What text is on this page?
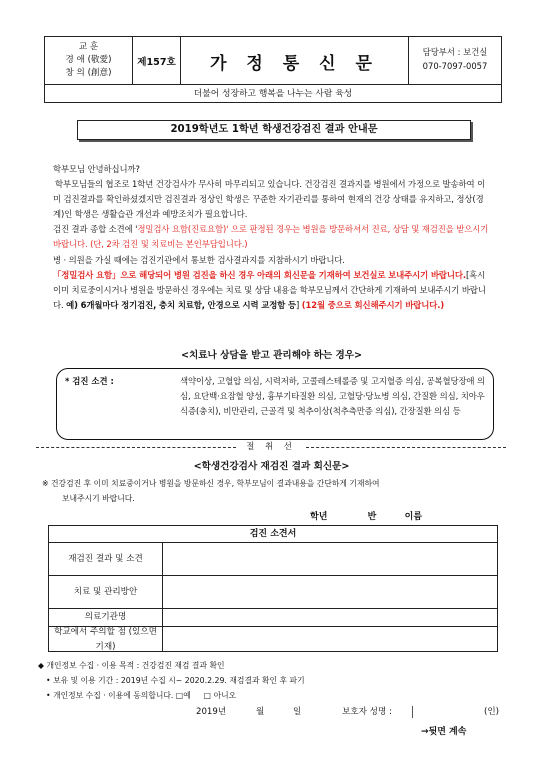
교 훈
경 애 (敬愛)
창 의 (創意)
제157호	가 정 통 신 문
담당부서 : 보건실
070-7097-0057
더불어 성장하고 행복을 나누는 사람 육성
2019학년도 1학년 학생건강검진 결과 안내문

학부모님 안녕하십니까?

학부모님들의 협조로 1학년 건강검사가 무사히 마무리되고 있습니다. 건강검진 결과지를 병원에서 가정으로 발송하여 이미 검진결과를 확인하셨겠지만 검진결과 정상인 학생은 꾸준한 자기관리를 통하여 현재의 건강 상태를 유지하고, 정상(경계)인 학생은 생활습관 개선과 예방조치가 필요합니다.

검진 결과 종합 소견에 '정밀검사 요함(진료요함)' 으로 판정된 경우는 병원을 방문하셔서 진료, 상담 및 재검진을 받으시기 바랍니다. (단, 2차 검진 및 치료비는 본인부담입니다.)

병 · 의원을 가실 때에는 검진기관에서 통보한 검사결과지를 지참하시기 바랍니다.

「정밀검사 요함」으로 해당되어 병원 검진을 하신 경우 아래의 회신문을 기재하여 보건실로 보내주시기 바랍니다.[혹시 이미 치료중이시거나 병원을 방문하신 경우에는 치료 및 상담 내용을 학부모님께서 간단하게 기재하여 보내주시기 바랍니다. 예) 6개월마다 정기검진, 충치 치료함, 안경으로 시력 교정함 등] (12월 중으로 회신해주시기 바랍니다.)

<치료나 상담을 받고 관리해야 하는 경우>
* 검진 소견 :	색약이상, 고혈압 의심, 시력저하, 고콜레스테롤증 및 고지혈증 의심, 공복혈당장애 의심, 요단백·요잠혈 양성, 흉부기타질환 의심, 고혈당·당뇨병 의심, 간질환 의심, 치아우식증(충치), 비만관리, 근골격 및 척추이상(척추측만증 의심), 간장질환 의심 등
절 취 선
<학생건강검사 재검진 결과 회신문>
※ 건강검진 후 이미 치료중이거나 병원을 방문하신 경우, 학부모님이 결과내용을 간단하게 기재하여
보내주시기 바랍니다.
학년	반	이름
검진 소견서
재검진 결과 및 소견
치료 및 관리방안
의료기관명
학교에서 주의할 점 (있으면 기재)
◆ 개인정보 수집 · 이용 목적 : 건강검진 재검 결과 확인
• 보유 및 이용 기간 : 2019년 수집 시~ 2020.2.29. 재검결과 확인 후 파기
• 개인정보 수집 · 이용에 동의합니다. □예 □ 아니오
2019년	월	일	보호자 성명 :	(인)
→뒷면 계속
